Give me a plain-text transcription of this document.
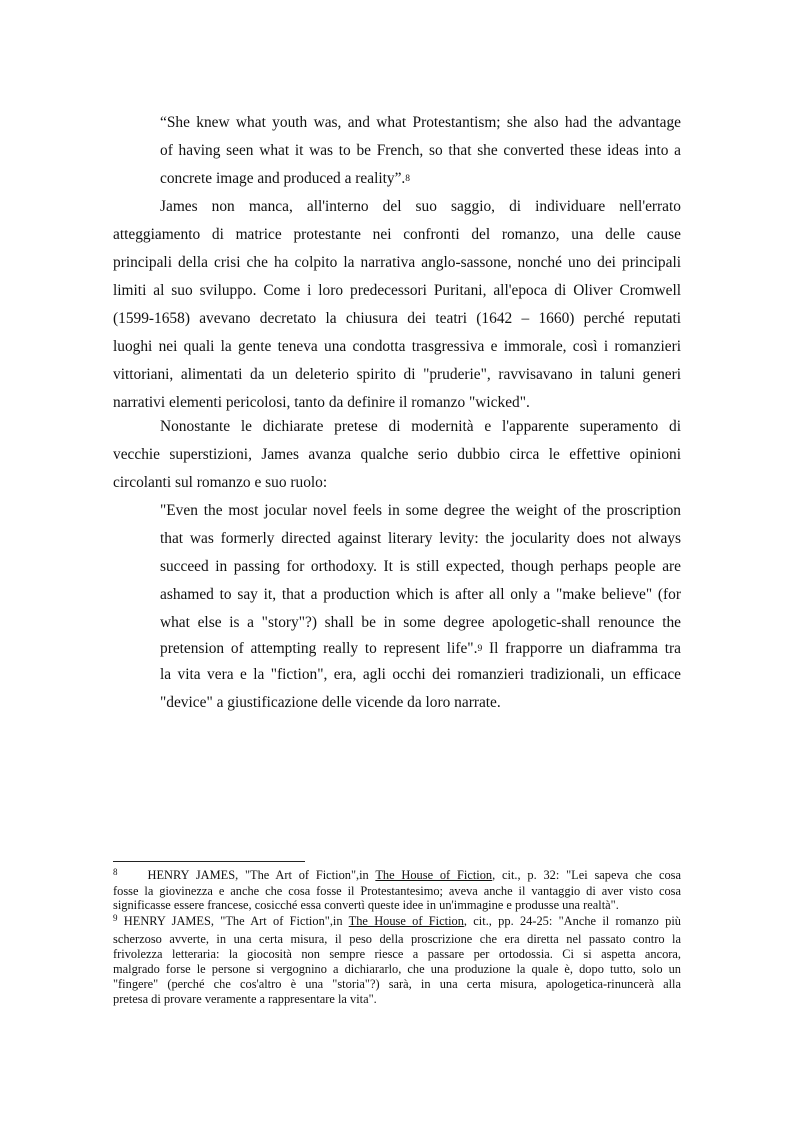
“She knew what youth was, and what Protestantism; she also had the advantage
of having seen what it was to be French, so that she converted these ideas into a
concrete image and produced a reality”.$^8$
James non manca, all'interno del suo saggio, di individuare nell'errato
atteggiamento di matrice protestante nei confronti del romanzo, una delle cause
principali della crisi che ha colpito la narrativa anglo-sassone, nonché uno dei principali
limiti al suo sviluppo. Come i loro predecessori Puritani, all'epoca di Oliver Cromwell
(1599-1658) avevano decretato la chiusura dei teatri (1642 – 1660) perché reputati
luoghi nei quali la gente teneva una condotta trasgressiva e immorale, così i romanzieri
vittoriani, alimentati da un deleterio spirito di "pruderie", ravvisavano in taluni generi
narrativi elementi pericolosi, tanto da definire il romanzo "wicked".
Nonostante le dichiarate pretese di modernità e l'apparente superamento di
vecchie superstizioni, James avanza qualche serio dubbio circa le effettive opinioni
circolanti sul romanzo e suo ruolo:
"Even the most jocular novel feels in some degree the weight of the proscription
that was formerly directed against literary levity: the jocularity does not always
succeed in passing for orthodoxy. It is still expected, though perhaps people are
ashamed to say it, that a production which is after all only a "make believe" (for
what else is a "story"?) shall be in some degree apologetic-shall renounce the
pretension of attempting really to represent life".$^9$ Il frapporre un diaframma tra
la vita vera e la "fiction", era, agli occhi dei romanzieri tradizionali, un efficace
"device" a giustificazione delle vicende da loro narrate.
$^8$ HENRY JAMES, "The Art of Fiction",in The House of Fiction, cit., p. 32: "Lei sapeva che cosa
fosse la giovinezza e anche che cosa fosse il Protestantesimo; aveva anche il vantaggio di aver visto cosa
significasse essere francese, cosicché essa convertì queste idee in un'immagine e produsse una realtà".
$^9$ HENRY JAMES, "The Art of Fiction",in The House of Fiction, cit., pp. 24-25: "Anche il romanzo più
scherzoso avverte, in una certa misura, il peso della proscrizione che era diretta nel passato contro la
frivolezza letteraria: la giocosità non sempre riesce a passare per ortodossia. Ci si aspetta ancora,
malgrado forse le persone si vergognino a dichiararlo, che una produzione la quale è, dopo tutto, solo un
"fingere" (perché che cos'altro è una "storia"?) sarà, in una certa misura, apologetica-rinuncerà alla
pretesa di provare veramente a rappresentare la vita".
